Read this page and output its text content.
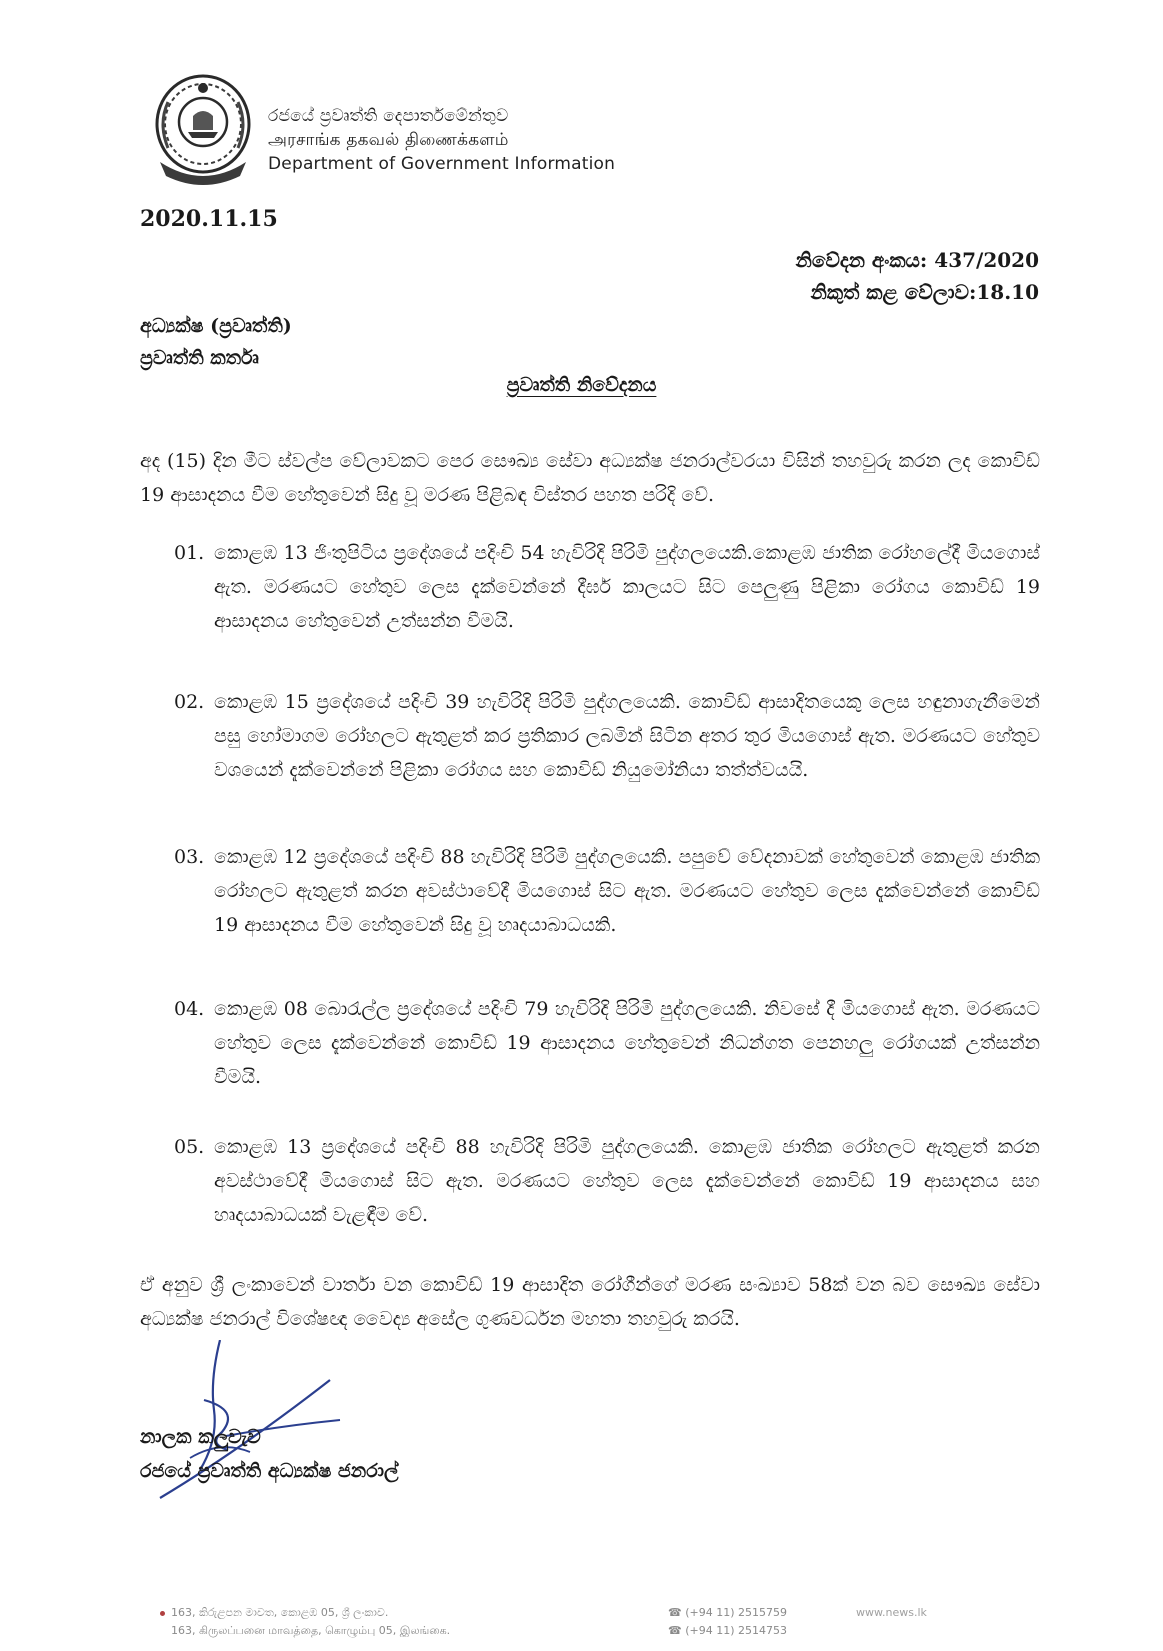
රජයේ ප්‍රවෘත්ති දෙපාර්තමේන්තුව
அரசாங்க தகவல் திணைக்களம்
Department of Government Information
2020.11.15
නිවේදන අංකය: 437/2020
නිකුත් කළ වේලාව:18.10
අධ්‍යක්ෂ (ප්‍රවෘත්ති)
ප්‍රවෘත්ති කර්තෘ
ප්‍රවෘත්ති නිවේදනය
අද (15) දින මීට ස්වල්ප වේලාවකට පෙර සෞඛ්‍ය සේවා අධ්‍යක්ෂ ජනරාල්වරයා විසින් තහවුරු කරන ලද කොවිඩ් 19 ආසාදනය වීම හේතුවෙන් සිදු වූ මරණ පිළිබඳ විස්තර පහත පරිදි වේ.
01. කොළඹ 13 ජිංතුපිටිය ප්‍රදේශයේ පදිංචි 54 හැවිරිදි පිරිමි පුද්ගලයෙකි.කොළඹ ජාතික රෝහලේදී මියගොස් ඇත. මරණයට හේතුව ලෙස දැක්වෙන්නේ දීර්ඝ කාලයට සිට පෙලුණු පිළිකා රෝගය කොවිඩ් 19 ආසාදනය හේතුවෙන් උත්සන්න වීමයි.
02. කොළඹ 15 ප්‍රදේශයේ පදිංචි 39 හැවිරිදි පිරිමි පුද්ගලයෙකි. කොවිඩ් ආසාදිතයෙකු ලෙස හඳුනාගැනීමෙන් පසු හෝමාගම රෝහලට ඇතුළත් කර ප්‍රතිකාර ලබමින් සිටින අතර තුර මියගොස් ඇත. මරණයට හේතුව වශයෙන් දැක්වෙන්නේ පිළිකා රෝගය සහ කොවිඩ් නියුමෝනියා තත්ත්වයයි.
03. කොළඹ 12 ප්‍රදේශයේ පදිංචි 88 හැවිරිදි පිරිමි පුද්ගලයෙකි. පපුවේ වේදනාවක් හේතුවෙන් කොළඹ ජාතික රෝහලට ඇතුළත් කරන අවස්ථාවේදී මියගොස් සිට ඇත. මරණයට හේතුව ලෙස දැක්වෙන්නේ කොවිඩ් 19 ආසාදනය වීම හේතුවෙන් සිදු වූ හෘදයාබාධයකි.
04. කොළඹ 08 බොරැල්ල ප්‍රදේශයේ පදිංචි 79 හැවිරිදි පිරිමි පුද්ගලයෙකි. නිවසේ දී මියගොස් ඇත. මරණයට හේතුව ලෙස දැක්වෙන්නේ කොවිඩ් 19 ආසාදනය හේතුවෙන් නිධන්ගත පෙනහලු රෝගයක් උත්සන්න වීමයි.
05. කොළඹ 13 ප්‍රදේශයේ පදිංචි 88 හැවිරිදි පිරිමි පුද්ගලයෙකි. කොළඹ ජාතික රෝහලට ඇතුළත් කරන අවස්ථාවේදී මියගොස් සිට ඇත. මරණයට හේතුව ලෙස දැක්වෙන්නේ කොවිඩ් 19 ආසාදනය සහ හෘදයාබාධයක් වැළඳීම වේ.
ඒ අනුව ශ්‍රී ලංකාවෙන් වාර්තා වන කොවිඩ් 19 ආසාදිත රෝගීන්ගේ මරණ සංඛ්‍යාව 58ක් වන බව සෞඛ්‍ය සේවා අධ්‍යක්ෂ ජනරාල් විශේෂඥ වෛද්‍ය අසේල ගුණවර්ධන මහතා තහවුරු කරයි.
නාලක කලුවැව
රජයේ ප්‍රවෘත්ති අධ්‍යක්ෂ ජනරාල්
163, කිරුළපන මාවත, කොළඹ 05, ශ්‍රී ලංකාව.
163, கிருலப்பனை மாவத்தை, கொழும்பு 05, இலங்கை.
☎ (+94 11) 2515759
☎ (+94 11) 2514753
www.news.lk
